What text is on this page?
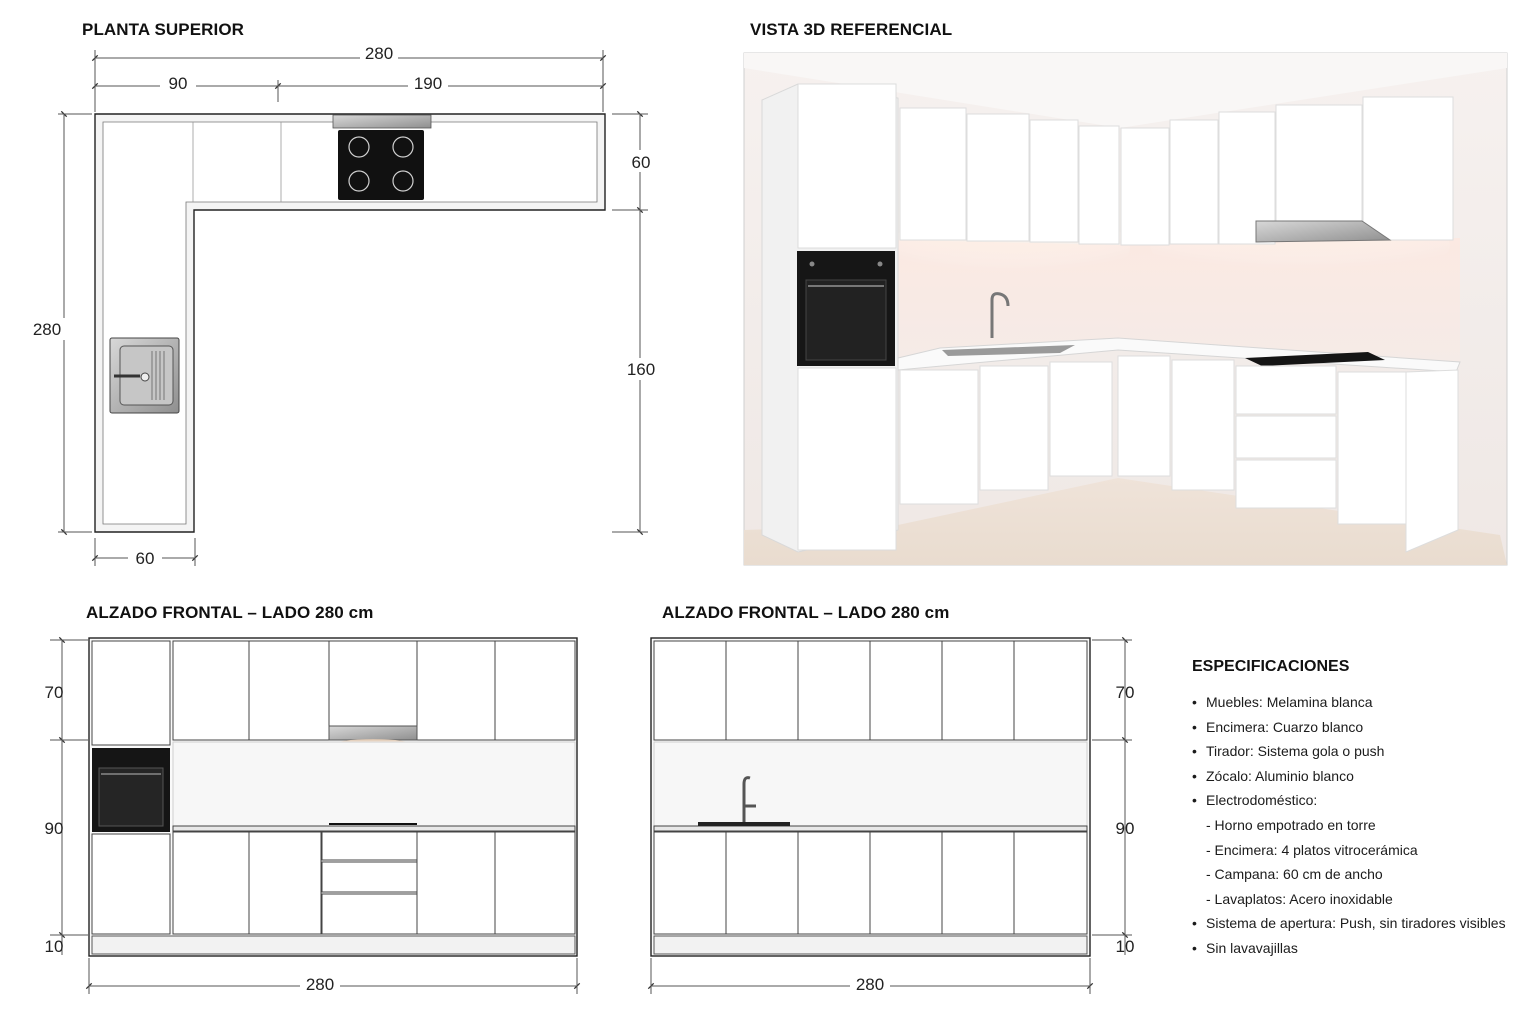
PLANTA SUPERIOR	VISTA 3D REFERENCIAL
ALZADO FRONTAL – LADO 280 cm	ALZADO FRONTAL – LADO 280 cm
280
90	190
280
60
160
60
70
90
10
280
70
90
10
280
ESPECIFICACIONES
• Muebles: Melamina blanca
• Encimera: Cuarzo blanco
• Tirador: Sistema gola o push
• Zócalo: Aluminio blanco
• Electrodoméstico:
- Horno empotrado en torre
- Encimera: 4 platos vitrocerámica
- Campana: 60 cm de ancho
- Lavaplatos: Acero inoxidable
• Sistema de apertura: Push, sin tiradores visibles
• Sin lavavajillas
